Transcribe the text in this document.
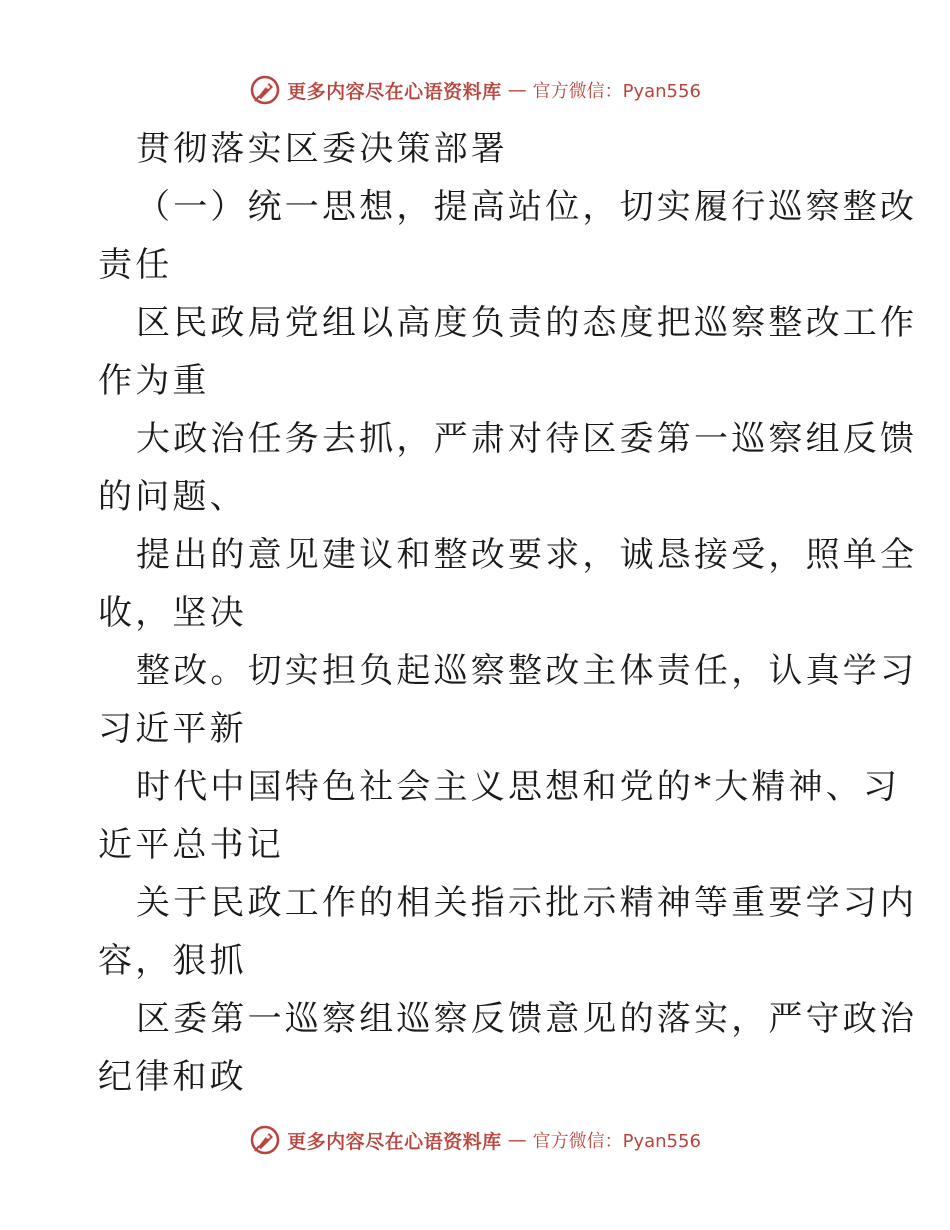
更多内容尽在心语资料库 — 官方微信：Pyan556

贯彻落实区委决策部署

（一）统一思想，提高站位，切实履行巡察整改

责任

区民政局党组以高度负责的态度把巡察整改工作

作为重

大政治任务去抓，严肃对待区委第一巡察组反馈

的问题、

提出的意见建议和整改要求，诚恳接受，照单全

收，坚决

整改。切实担负起巡察整改主体责任，认真学习

习近平新

时代中国特色社会主义思想和党的*大精神、习

近平总书记

关于民政工作的相关指示批示精神等重要学习内

容，狠抓

区委第一巡察组巡察反馈意见的落实，严守政治

纪律和政

更多内容尽在心语资料库 — 官方微信：Pyan556
